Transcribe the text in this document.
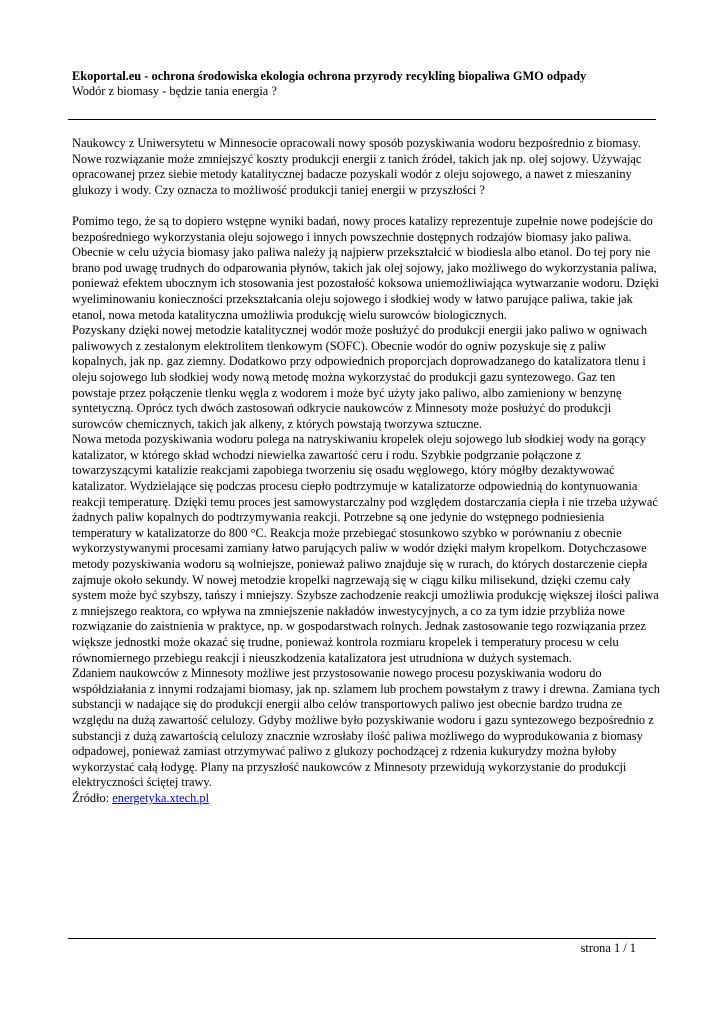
Ekoportal.eu - ochrona środowiska ekologia ochrona przyrody recykling biopaliwa GMO odpady
Wodór z biomasy - będzie tania energia ?

Naukowcy z Uniwersytetu w Minnesocie opracowali nowy sposób pozyskiwania wodoru bezpośrednio z biomasy. Nowe rozwiązanie może zmniejszyć koszty produkcji energii z tanich źródeł, takich jak np. olej sojowy. Używając opracowanej przez siebie metody katalitycznej badacze pozyskali wodór z oleju sojowego, a nawet z mieszaniny glukozy i wody. Czy oznacza to możliwość produkcji taniej energii w przyszłości ?

Pomimo tego, że są to dopiero wstępne wyniki badań, nowy proces katalizy reprezentuje zupełnie nowe podejście do bezpośredniego wykorzystania oleju sojowego i innych powszechnie dostępnych rodzajów biomasy jako paliwa. Obecnie w celu użycia biomasy jako paliwa należy ją najpierw przekształcić w biodiesla albo etanol. Do tej pory nie brano pod uwagę trudnych do odparowania płynów, takich jak olej sojowy, jako możliwego do wykorzystania paliwa, ponieważ efektem ubocznym ich stosowania jest pozostałość koksowa uniemożliwiająca wytwarzanie wodoru. Dzięki wyeliminowaniu konieczności przekształcania oleju sojowego i słodkiej wody w łatwo parujące paliwa, takie jak etanol, nowa metoda katalityczna umożliwia produkcję wielu surowców biologicznych.

Pozyskany dzięki nowej metodzie katalitycznej wodór może posłużyć do produkcji energii jako paliwo w ogniwach paliwowych z zestalonym elektrolitem tlenkowym (SOFC). Obecnie wodór do ogniw pozyskuje się z paliw kopalnych, jak np. gaz ziemny. Dodatkowo przy odpowiednich proporcjach doprowadzanego do katalizatora tlenu i oleju sojowego lub słodkiej wody nową metodę można wykorzystać do produkcji gazu syntezowego. Gaz ten powstaje przez połączenie tlenku węgla z wodorem i może być użyty jako paliwo, albo zamieniony w benzynę syntetyczną. Oprócz tych dwóch zastosowań odkrycie naukowców z Minnesoty może posłużyć do produkcji surowców chemicznych, takich jak alkeny, z których powstają tworzywa sztuczne.

Nowa metoda pozyskiwania wodoru polega na natryskiwaniu kropelek oleju sojowego lub słodkiej wody na gorący katalizator, w którego skład wchodzi niewielka zawartość ceru i rodu. Szybkie podgrzanie połączone z towarzyszącymi katalizie reakcjami zapobiega tworzeniu się osadu węglowego, który mógłby dezaktywować katalizator. Wydzielające się podczas procesu ciepło podtrzymuje w katalizatorze odpowiednią do kontynuowania reakcji temperaturę. Dzięki temu proces jest samowystarczalny pod względem dostarczania ciepła i nie trzeba używać żadnych paliw kopalnych do podtrzymywania reakcji. Potrzebne są one jedynie do wstępnego podniesienia temperatury w katalizatorze do 800 °C. Reakcja może przebiegać stosunkowo szybko w porównaniu z obecnie wykorzystywanymi procesami zamiany łatwo parujących paliw w wodór dzięki małym kropelkom. Dotychczasowe metody pozyskiwania wodoru są wolniejsze, ponieważ paliwo znajduje się w rurach, do których dostarczenie ciepła zajmuje około sekundy. W nowej metodzie kropelki nagrzewają się w ciągu kilku milisekund, dzięki czemu cały system może być szybszy, tańszy i mniejszy. Szybsze zachodzenie reakcji umożliwia produkcję większej ilości paliwa z mniejszego reaktora, co wpływa na zmniejszenie nakładów inwestycyjnych, a co za tym idzie przybliża nowe rozwiązanie do zaistnienia w praktyce, np. w gospodarstwach rolnych. Jednak zastosowanie tego rozwiązania przez większe jednostki może okazać się trudne, ponieważ kontrola rozmiaru kropelek i temperatury procesu w celu równomiernego przebiegu reakcji i nieuszkodzenia katalizatora jest utrudniona w dużych systemach.

Zdaniem naukowców z Minnesoty możliwe jest przystosowanie nowego procesu pozyskiwania wodoru do współdziałania z innymi rodzajami biomasy, jak np. szlamem lub prochem powstałym z trawy i drewna. Zamiana tych substancji w nadające się do produkcji energii albo celów transportowych paliwo jest obecnie bardzo trudna ze względu na dużą zawartość celulozy. Gdyby możliwe było pozyskiwanie wodoru i gazu syntezowego bezpośrednio z substancji z dużą zawartością celulozy znacznie wzrosłaby ilość paliwa możliwego do wyprodukowania z biomasy odpadowej, ponieważ zamiast otrzymywać paliwo z glukozy pochodzącej z rdzenia kukurydzy można byłoby wykorzystać całą łodygę. Plany na przyszłość naukowców z Minnesoty przewidują wykorzystanie do produkcji elektryczności ściętej trawy.

Źródło: energetyka.xtech.pl

strona 1 / 1
